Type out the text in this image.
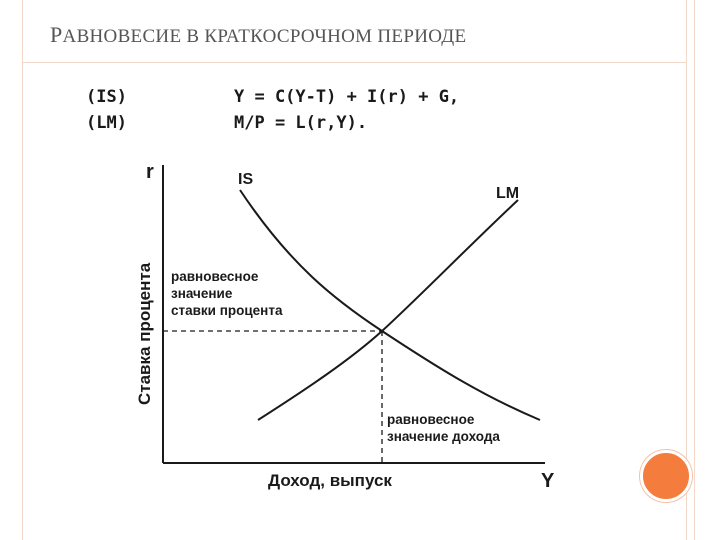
РАВНОВЕСИЕ В КРАТКОСРОЧНОМ ПЕРИОДЕ
(IS)	Y = C(Y-T) + I(r) + G,
(LM)	M/P = L(r,Y).
r
Y
Доход, выпуск
Ставка процента
IS
LM
равновесное
значение
ставки процента
равновесное
значение дохода
